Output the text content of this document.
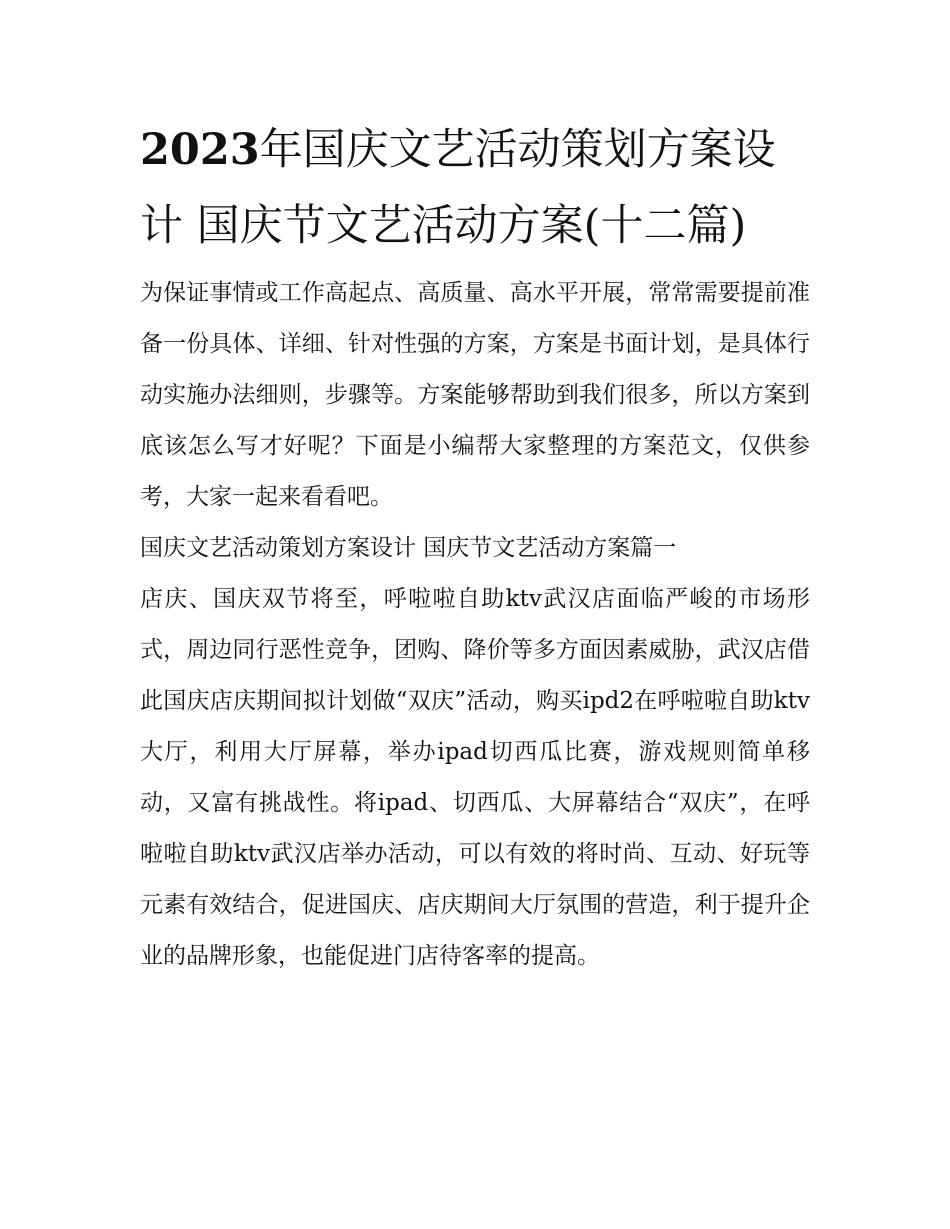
2023年国庆文艺活动策划方案设计 国庆节文艺活动方案(十二篇)

为保证事情或工作高起点、高质量、高水平开展，常常需要提前准备一份具体、详细、针对性强的方案，方案是书面计划，是具体行动实施办法细则，步骤等。方案能够帮助到我们很多，所以方案到底该怎么写才好呢？下面是小编帮大家整理的方案范文，仅供参考，大家一起来看看吧。

国庆文艺活动策划方案设计 国庆节文艺活动方案篇一

店庆、国庆双节将至，呼啦啦自助ktv武汉店面临严峻的市场形式，周边同行恶性竞争，团购、降价等多方面因素威胁，武汉店借此国庆店庆期间拟计划做“双庆”活动，购买ipd2在呼啦啦自助ktv大厅，利用大厅屏幕，举办ipad切西瓜比赛，游戏规则简单移动，又富有挑战性。将ipad、切西瓜、大屏幕结合“双庆”，在呼啦啦自助ktv武汉店举办活动，可以有效的将时尚、互动、好玩等元素有效结合，促进国庆、店庆期间大厅氛围的营造，利于提升企业的品牌形象，也能促进门店待客率的提高。
